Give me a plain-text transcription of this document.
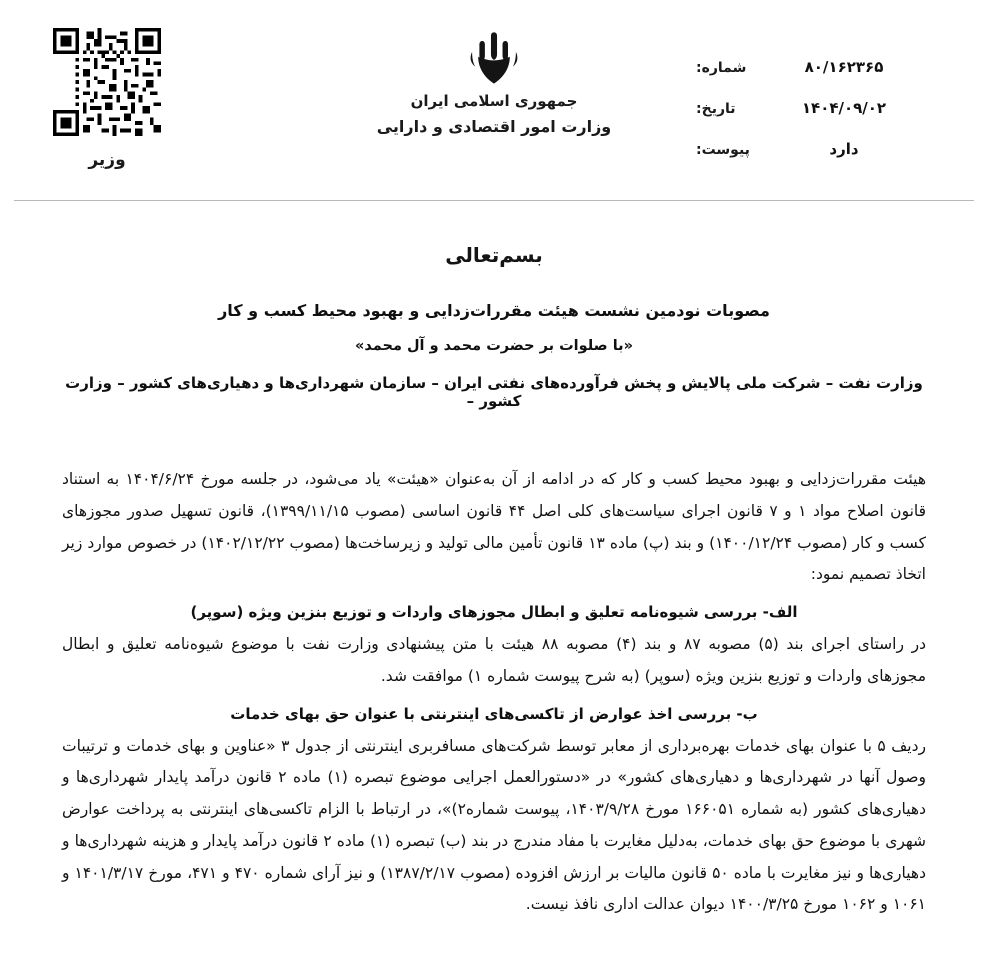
۸۰/۱۶۲۳۶۵
شماره:
۱۴۰۴/۰۹/۰۲
تاریخ:
دارد
پیوست:
جمهوری اسلامی ایران
وزارت امور اقتصادی و دارایی
وزیر
بسم‌تعالی
مصوبات نودمین نشست هیئت مقررات‌زدایی و بهبود محیط کسب و کار
«با صلوات بر حضرت محمد و آل محمد»
وزارت نفت – شرکت ملی پالایش و پخش فرآورده‌های نفتی ایران – سازمان شهرداری‌ها و دهیاری‌های کشور – وزارت کشور –

هیئت مقررات‌زدایی و بهبود محیط کسب و کار که در ادامه از آن به‌عنوان «هیئت» یاد می‌شود، در جلسه مورخ ۱۴۰۴/۶/۲۴ به استناد قانون اصلاح مواد ۱ و ۷ قانون اجرای سیاست‌های کلی اصل ۴۴ قانون اساسی (مصوب ۱۳۹۹/۱۱/۱۵)، قانون تسهیل صدور مجوزهای کسب و کار (مصوب ۱۴۰۰/۱۲/۲۴) و بند (پ) ماده ۱۳ قانون تأمین مالی تولید و زیرساخت‌ها (مصوب ۱۴۰۲/۱۲/۲۲) در خصوص موارد زیر اتخاذ تصمیم نمود:

الف- بررسی شیوه‌نامه تعلیق و ابطال مجوزهای واردات و توزیع بنزین ویژه (سوپر)

در راستای اجرای بند (۵) مصوبه ۸۷ و بند (۴) مصوبه ۸۸ هیئت با متن پیشنهادی وزارت نفت با موضوع شیوه‌نامه تعلیق و ابطال مجوزهای واردات و توزیع بنزین ویژه (سوپر) (به شرح پیوست شماره ۱) موافقت شد.

ب- بررسی اخذ عوارض از تاکسی‌های اینترنتی با عنوان حق بهای خدمات

ردیف ۵ با عنوان بهای خدمات بهره‌برداری از معابر توسط شرکت‌های مسافربری اینترنتی از جدول ۳ «عناوین و بهای خدمات و ترتیبات وصول آنها در شهرداری‌ها و دهیاری‌های کشور» در «دستورالعمل اجرایی موضوع تبصره (۱) ماده ۲ قانون درآمد پایدار شهرداری‌ها و دهیاری‌های کشور (به شماره ۱۶۶۰۵۱ مورخ ۱۴۰۳/۹/۲۸، پیوست شماره۲)»، در ارتباط با الزام تاکسی‌های اینترنتی به پرداخت عوارض شهری با موضوع حق بهای خدمات، به‌دلیل مغایرت با مفاد مندرج در بند (ب) تبصره (۱) ماده ۲ قانون درآمد پایدار و هزینه شهرداری‌ها و دهیاری‌ها و نیز مغایرت با ماده ۵۰ قانون مالیات بر ارزش افزوده (مصوب ۱۳۸۷/۲/۱۷) و نیز آرای شماره ۴۷۰ و ۴۷۱، مورخ ۱۴۰۱/۳/۱۷ و ۱۰۶۱ و ۱۰۶۲ مورخ ۱۴۰۰/۳/۲۵ دیوان عدالت اداری نافذ نیست.
